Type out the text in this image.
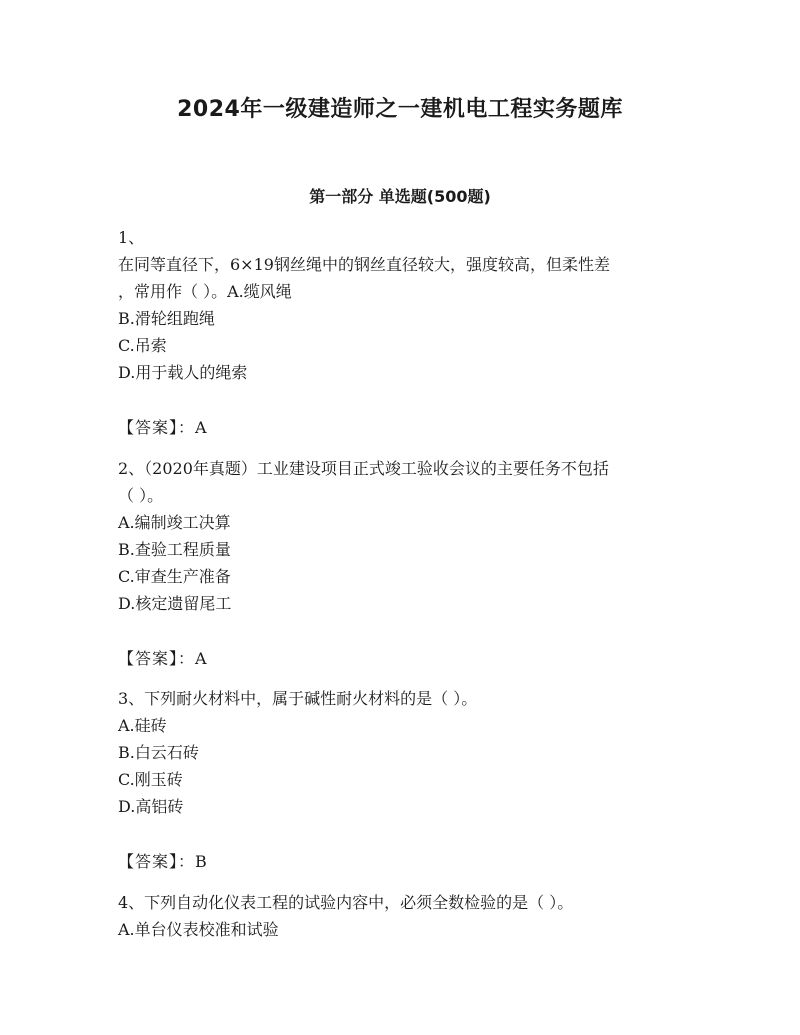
2024年一级建造师之一建机电工程实务题库
第一部分 单选题(500题)
1、
在同等直径下，6×19钢丝绳中的钢丝直径较大，强度较高，但柔性差
，常用作（ ）。A.缆风绳
B.滑轮组跑绳
C.吊索
D.用于载人的绳索
【答案】：A
2、（2020年真题）工业建设项目正式竣工验收会议的主要任务不包括
（ ）。
A.编制竣工决算
B.查验工程质量
C.审查生产准备
D.核定遗留尾工
【答案】：A
3、下列耐火材料中，属于碱性耐火材料的是（ ）。
A.硅砖
B.白云石砖
C.刚玉砖
D.高铝砖
【答案】：B
4、下列自动化仪表工程的试验内容中，必须全数检验的是（ ）。
A.单台仪表校准和试验
